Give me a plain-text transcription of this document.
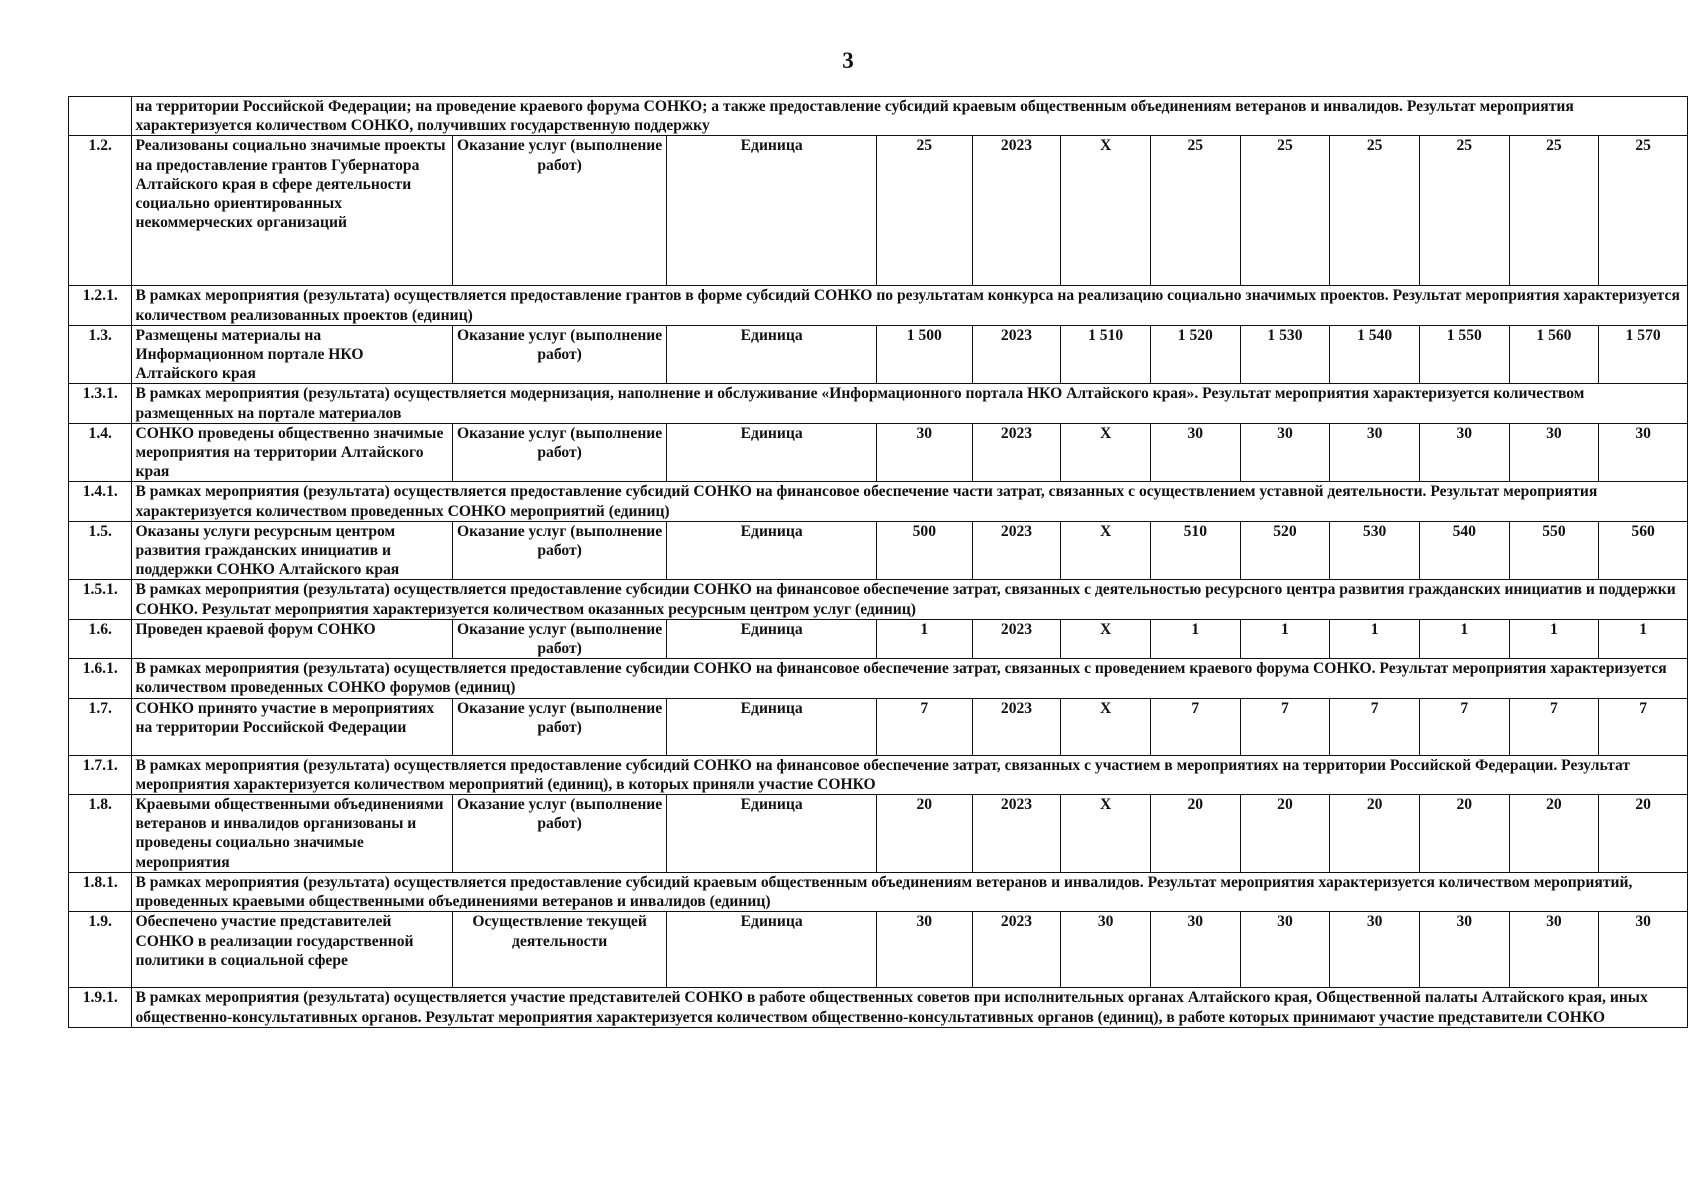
3
	на территории Российской Федерации; на проведение краевого форума СОНКО; а также предоставление субсидий краевым общественным объединениям ветеранов и инвалидов. Результат мероприятия характеризуется количеством СОНКО, получивших государственную поддержку											
1.2.	Реализованы социально значимые проекты на предоставление грантов Губернатора Алтайского края в сфере деятельности социально ориентированных некоммерческих организаций	Оказание услуг (выполнение работ)	Единица	25	2023	X	25	25	25	25	25	25
1.2.1.	В рамках мероприятия (результата) осуществляется предоставление грантов в форме субсидий СОНКО по результатам конкурса на реализацию социально значимых проектов. Результат мероприятия характеризуется количеством реализованных проектов (единиц)											
1.3.	Размещены материалы на Информационном портале НКО Алтайского края	Оказание услуг (выполнение работ)	Единица	1 500	2023	1 510	1 520	1 530	1 540	1 550	1 560	1 570
1.3.1.	В рамках мероприятия (результата) осуществляется модернизация, наполнение и обслуживание «Информационного портала НКО Алтайского края». Результат мероприятия характеризуется количеством размещенных на портале материалов											
1.4.	СОНКО проведены общественно значимые мероприятия на территории Алтайского края	Оказание услуг (выполнение работ)	Единица	30	2023	X	30	30	30	30	30	30
1.4.1.	В рамках мероприятия (результата) осуществляется предоставление субсидий СОНКО на финансовое обеспечение части затрат, связанных с осуществлением уставной деятельности. Результат мероприятия характеризуется количеством проведенных СОНКО мероприятий (единиц)											
1.5.	Оказаны услуги ресурсным центром развития гражданских инициатив и поддержки СОНКО Алтайского края	Оказание услуг (выполнение работ)	Единица	500	2023	X	510	520	530	540	550	560
1.5.1.	В рамках мероприятия (результата) осуществляется предоставление субсидии СОНКО на финансовое обеспечение затрат, связанных с деятельностью ресурсного центра развития гражданских инициатив и поддержки СОНКО. Результат мероприятия характеризуется количеством оказанных ресурсным центром услуг (единиц)											
1.6.	Проведен краевой форум СОНКО	Оказание услуг (выполнение работ)	Единица	1	2023	X	1	1	1	1	1	1
1.6.1.	В рамках мероприятия (результата) осуществляется предоставление субсидии СОНКО на финансовое обеспечение затрат, связанных с проведением краевого форума СОНКО. Результат мероприятия характеризуется количеством проведенных СОНКО форумов (единиц)											
1.7.	СОНКО принято участие в мероприятиях на территории Российской Федерации	Оказание услуг (выполнение работ)	Единица	7	2023	X	7	7	7	7	7	7
1.7.1.	В рамках мероприятия (результата) осуществляется предоставление субсидий СОНКО на финансовое обеспечение затрат, связанных с участием в мероприятиях на территории Российской Федерации. Результат мероприятия характеризуется количеством мероприятий (единиц), в которых приняли участие СОНКО											
1.8.	Краевыми общественными объединениями ветеранов и инвалидов организованы и проведены социально значимые мероприятия	Оказание услуг (выполнение работ)	Единица	20	2023	X	20	20	20	20	20	20
1.8.1.	В рамках мероприятия (результата) осуществляется предоставление субсидий краевым общественным объединениям ветеранов и инвалидов. Результат мероприятия характеризуется количеством мероприятий, проведенных краевыми общественными объединениями ветеранов и инвалидов (единиц)											
1.9.	Обеспечено участие представителей СОНКО в реализации государственной политики в социальной сфере	Осуществление текущей деятельности	Единица	30	2023	30	30	30	30	30	30	30
1.9.1.	В рамках мероприятия (результата) осуществляется участие представителей СОНКО в работе общественных советов при исполнительных органах Алтайского края, Общественной палаты Алтайского края, иных общественно-консультативных органов. Результат мероприятия характеризуется количеством общественно-консультативных органов (единиц), в работе которых принимают участие представители СОНКО											
